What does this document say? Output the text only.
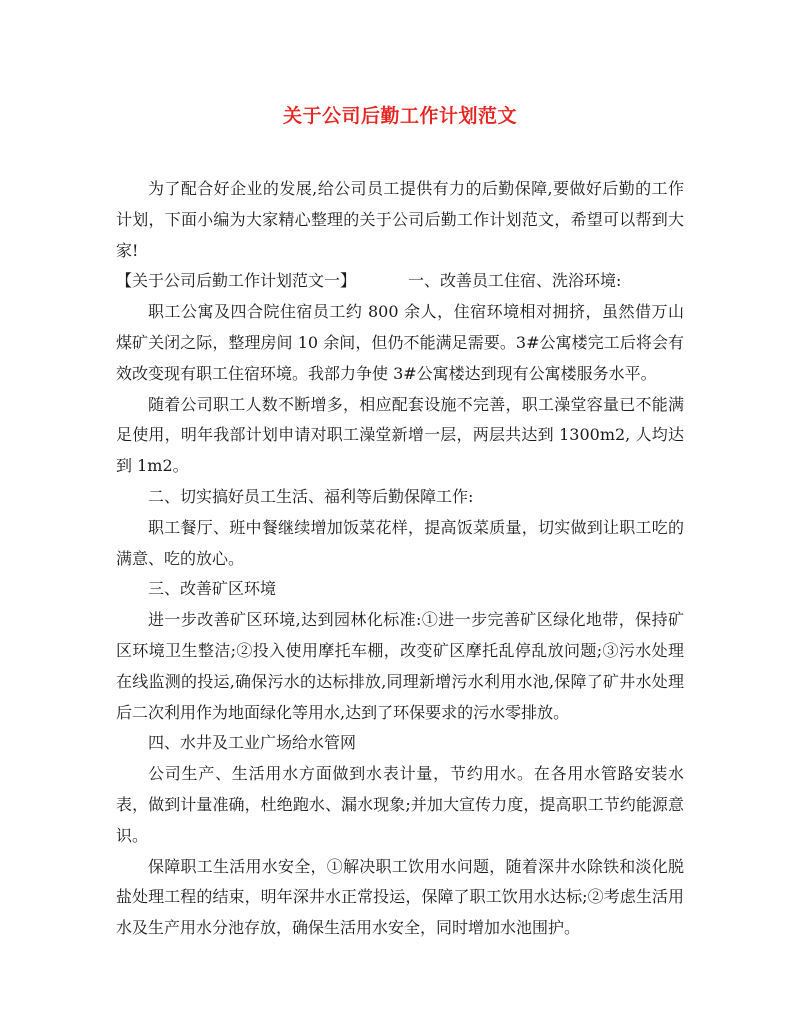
关于公司后勤工作计划范文

为了配合好企业的发展,给公司员工提供有力的后勤保障,要做好后勤的工作计划，下面小编为大家精心整理的关于公司后勤工作计划范文，希望可以帮到大家!

【关于公司后勤工作计划范文一】	一、改善员工住宿、洗浴环境:

职工公寓及四合院住宿员工约 800 余人，住宿环境相对拥挤，虽然借万山煤矿关闭之际，整理房间 10 余间，但仍不能满足需要。3#公寓楼完工后将会有效改变现有职工住宿环境。我部力争使 3#公寓楼达到现有公寓楼服务水平。

随着公司职工人数不断增多，相应配套设施不完善，职工澡堂容量已不能满足使用，明年我部计划申请对职工澡堂新增一层，两层共达到 1300m2, 人均达到 1m2。

二、切实搞好员工生活、福利等后勤保障工作:

职工餐厅、班中餐继续增加饭菜花样，提高饭菜质量，切实做到让职工吃的满意、吃的放心。

三、改善矿区环境

进一步改善矿区环境,达到园林化标准:①进一步完善矿区绿化地带，保持矿区环境卫生整洁;②投入使用摩托车棚，改变矿区摩托乱停乱放问题;③污水处理在线监测的投运,确保污水的达标排放,同理新增污水利用水池,保障了矿井水处理后二次利用作为地面绿化等用水,达到了环保要求的污水零排放。

四、水井及工业广场给水管网

公司生产、生活用水方面做到水表计量，节约用水。在各用水管路安装水表，做到计量准确，杜绝跑水、漏水现象;并加大宣传力度，提高职工节约能源意识。

保障职工生活用水安全，①解决职工饮用水问题，随着深井水除铁和淡化脱盐处理工程的结束，明年深井水正常投运，保障了职工饮用水达标;②考虑生活用水及生产用水分池存放，确保生活用水安全，同时增加水池围护。
